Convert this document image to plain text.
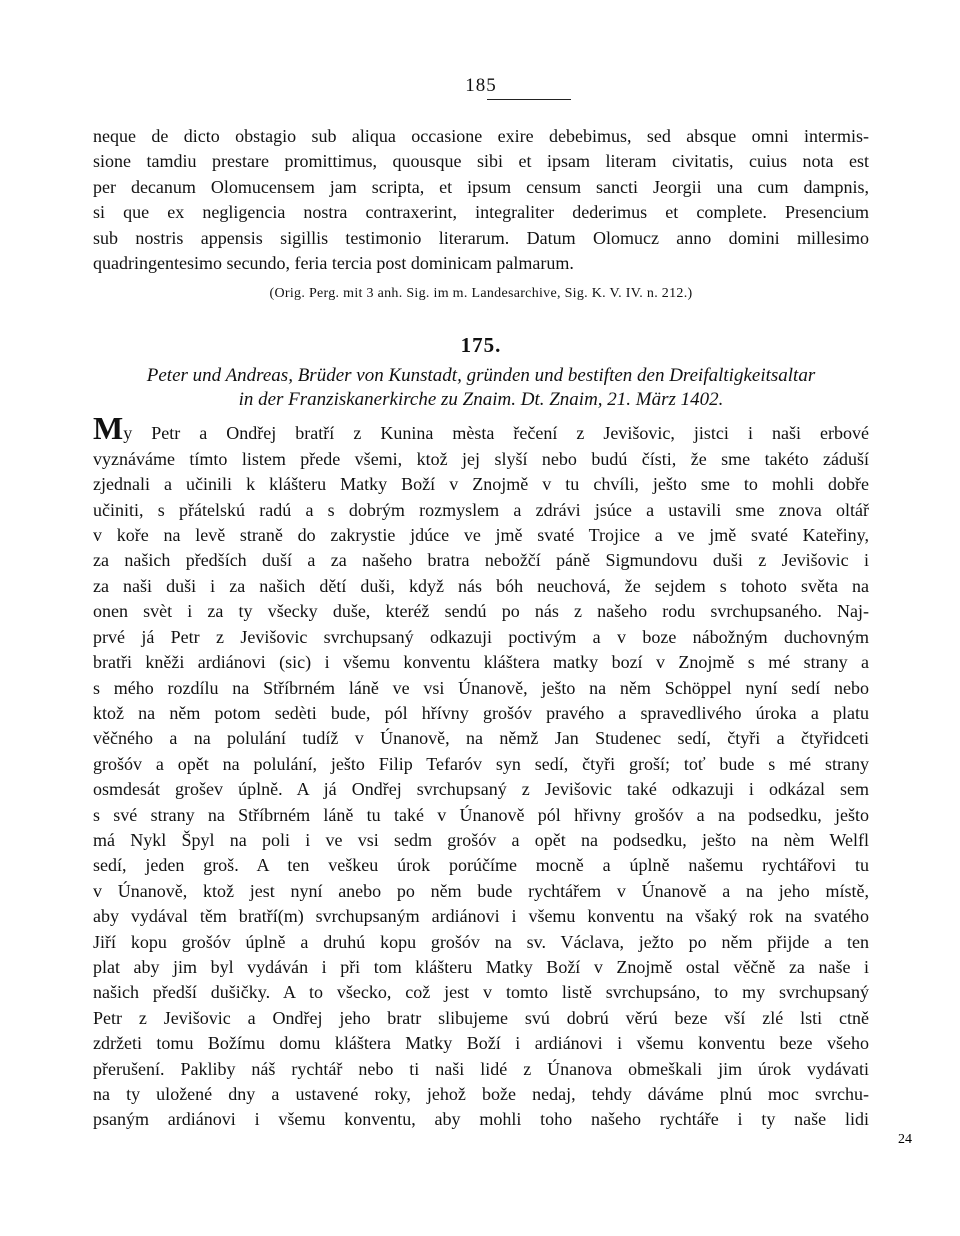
185

neque de dicto obstagio sub aliqua occasione exire debebimus, sed absque omni intermis-
sione tamdiu prestare promittimus, quousque sibi et ipsam literam civitatis, cuius nota est
per decanum Olomucensem jam scripta, et ipsum censum sancti Jeorgii una cum dampnis,
si que ex negligencia nostra contraxerint, integraliter dederimus et complete. Presencium
sub nostris appensis sigillis testimonio literarum. Datum Olomucz anno domini millesimo
quadringentesimo secundo, feria tercia post dominicam palmarum.

(Orig. Perg. mit 3 anh. Sig. im m. Landesarchive, Sig. K. V. IV. n. 212.)
175.
Peter und Andreas, Brüder von Kunstadt, gründen und bestiften den Dreifaltigkeitsaltar
in der Franziskanerkirche zu Znaim. Dt. Znaim, 21. März 1402.

My Petr a Ondřej bratří z Kunina mèsta řečení z Jevišovic, jistci i naši erbové
vyznáváme tímto listem přede všemi, ktož jej slyší nebo budú čísti, že sme takéto záduší
zjednali a učinili k klášteru Matky Boží v Znojmě v tu chvíli, ješto sme to mohli dobře
učiniti, s přátelskú radú a s dobrým rozmyslem a zdrávi jsúce a ustavili sme znova oltář
v koře na levě straně do zakrystie jdúce ve jmě svaté Trojice a ve jmě svaté Kateřiny,
za našich předších duší a za našeho bratra nebožčí páně Sigmundovu duši z Jevišovic i
za naši duši i za našich dětí duši, když nás bóh neuchová, že sejdem s tohoto světa na
onen svèt i za ty všecky duše, kteréž sendú po nás z našeho rodu svrchupsaného. Naj-
prvé já Petr z Jevišovic svrchupsaný odkazuji poctivým a v boze nábožným duchovným
bratři kněži ardiánovi (sic) i všemu konventu kláštera matky bozí v Znojmě s mé strany a
s mého rozdílu na Stříbrném láně ve vsi Únanově, ješto na něm Schöppel nyní sedí nebo
ktož na něm potom sedèti bude, pól hřívny grošóv pravého a spravedlivého úroka a platu
věčného a na polulání tudíž v Únanově, na němž Jan Studenec sedí, čtyři a čtyřidceti
grošóv a opět na polulání, ješto Filip Tefaróv syn sedí, čtyři groší; toť bude s mé strany
osmdesát grošev úplně. A já Ondřej svrchupsaný z Jevišovic také odkazuji i odkázal sem
s své strany na Stříbrném láně tu také v Únanově pól hřivny grošóv a na podsedku, ješto
má Nykl Špyl na poli i ve vsi sedm grošóv a opět na podsedku, ješto na nèm Welfl
sedí, jeden groš. A ten veškeu úrok porúčíme mocně a úplně našemu rychtářovi tu
v Únanově, ktož jest nyní anebo po něm bude rychtářem v Únanově a na jeho místě,
aby vydával těm bratří(m) svrchupsaným ardiánovi i všemu konventu na všaký rok na svatého
Jiří kopu grošóv úplně a druhú kopu grošóv na sv. Václava, ježto po něm přijde a ten
plat aby jim byl vydáván i při tom klášteru Matky Boží v Znojmě ostal věčně za naše i
našich předší dušičky. A to všecko, což jest v tomto listě svrchupsáno, to my svrchupsaný
Petr z Jevišovic a Ondřej jeho bratr slibujeme svú dobrú věrú beze vší zlé lsti ctně
zdržeti tomu Božímu domu kláštera Matky Boží i ardiánovi i všemu konventu beze všeho
přerušení. Pakliby náš rychtář nebo ti naši lidé z Únanova obmeškali jim úrok vydávati
na ty uložené dny a ustavené roky, jehož bože nedaj, tehdy dáváme plnú moc svrchu-
psaným ardiánovi i všemu konventu, aby mohli toho našeho rychtáře i ty naše lidi

24
